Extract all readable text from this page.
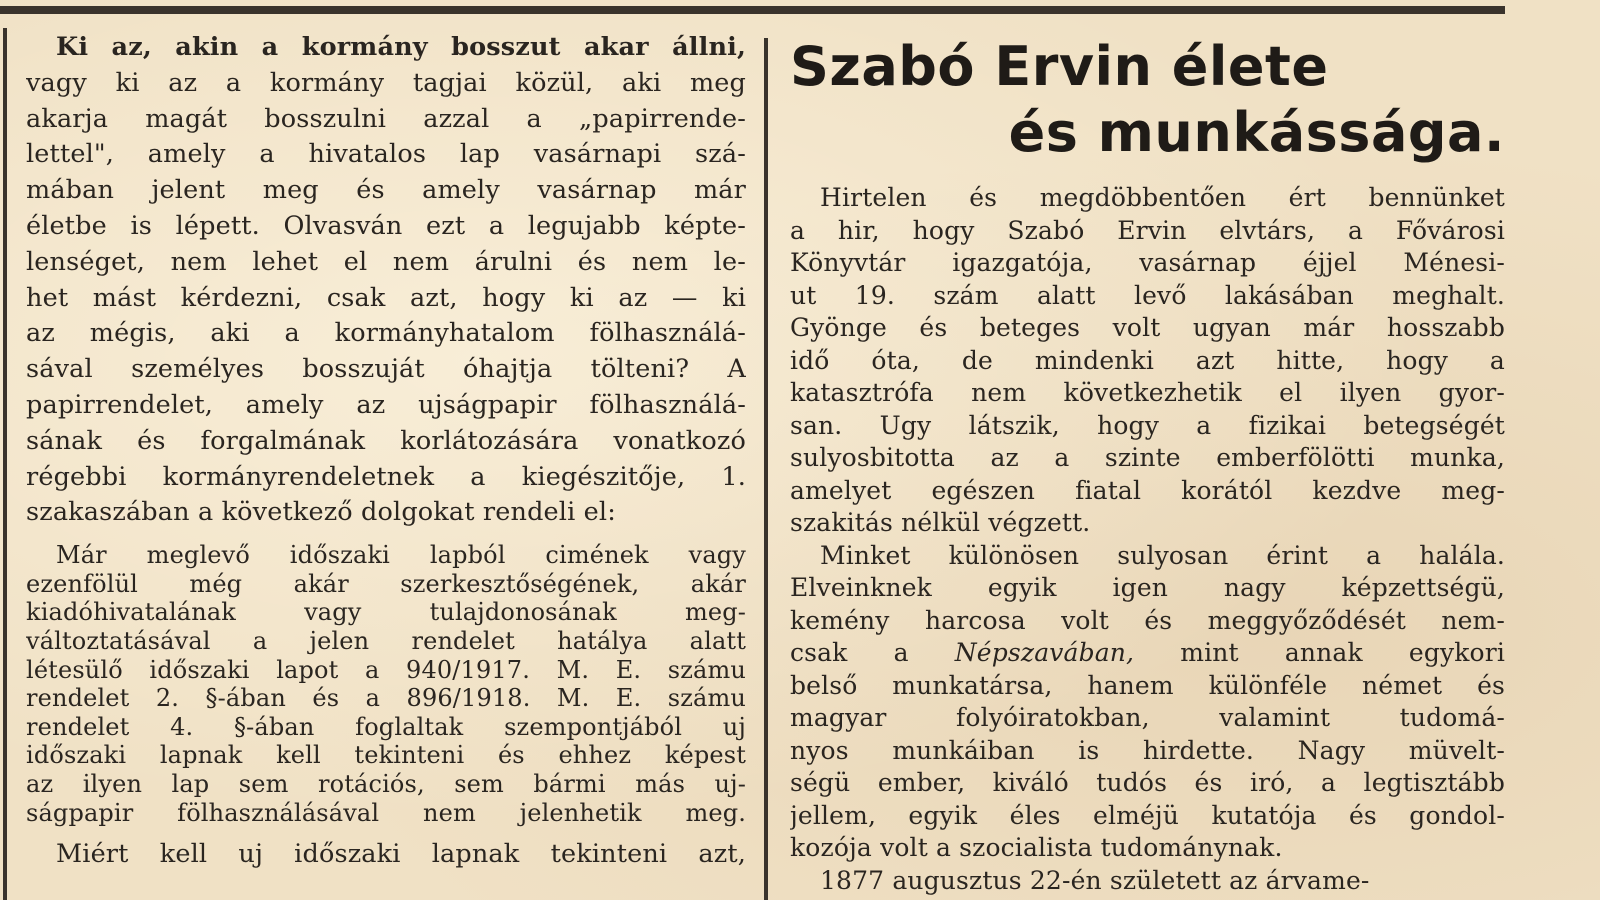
Ki az, akin a kormány bosszut akar állni,
vagy ki az a kormány tagjai közül, aki meg
akarja magát bosszulni azzal a „papirrende-
lettel", amely a hivatalos lap vasárnapi szá-
mában jelent meg és amely vasárnap már
életbe is lépett. Olvasván ezt a legujabb képte-
lenséget, nem lehet el nem árulni és nem le-
het mást kérdezni, csak azt, hogy ki az — ki
az mégis, aki a kormányhatalom fölhasználá-
sával személyes bosszuját óhajtja tölteni? A
papirrendelet, amely az ujságpapir fölhasználá-
sának és forgalmának korlátozására vonatkozó
régebbi kormányrendeletnek a kiegészitője, 1.
szakaszában a következő dolgokat rendeli el:
Már meglevő időszaki lapból cimének vagy
ezenfölül még akár szerkesztőségének, akár
kiadóhivatalának vagy tulajdonosának meg-
változtatásával a jelen rendelet hatálya alatt
létesülő időszaki lapot a 940/1917. M. E. számu
rendelet 2. §-ában és a 896/1918. M. E. számu
rendelet 4. §-ában foglaltak szempontjából uj
időszaki lapnak kell tekinteni és ehhez képest
az ilyen lap sem rotációs, sem bármi más uj-
ságpapir fölhasználásával nem jelenhetik meg.
Miért kell uj időszaki lapnak tekinteni azt,
Szabó Ervin élete
és munkássága.
Hirtelen és megdöbbentően ért bennünket
a hir, hogy Szabó Ervin elvtárs, a Fővárosi
Könyvtár igazgatója, vasárnap éjjel Ménesi-
ut 19. szám alatt levő lakásában meghalt.
Gyönge és beteges volt ugyan már hosszabb
idő óta, de mindenki azt hitte, hogy a
katasztrófa nem következhetik el ilyen gyor-
san. Ugy látszik, hogy a fizikai betegségét
sulyosbitotta az a szinte emberfölötti munka,
amelyet egészen fiatal korától kezdve meg-
szakitás nélkül végzett.
Minket különösen sulyosan érint a halála.
Elveinknek egyik igen nagy képzettségü,
kemény harcosa volt és meggyőződését nem-
csak a Népszavában, mint annak egykori
belső munkatársa, hanem különféle német és
magyar folyóiratokban, valamint tudomá-
nyos munkáiban is hirdette. Nagy müvelt-
ségü ember, kiváló tudós és iró, a legtisztább
jellem, egyik éles elméjü kutatója és gondol-
kozója volt a szocialista tudománynak.
1877 augusztus 22-én született az árvame-
